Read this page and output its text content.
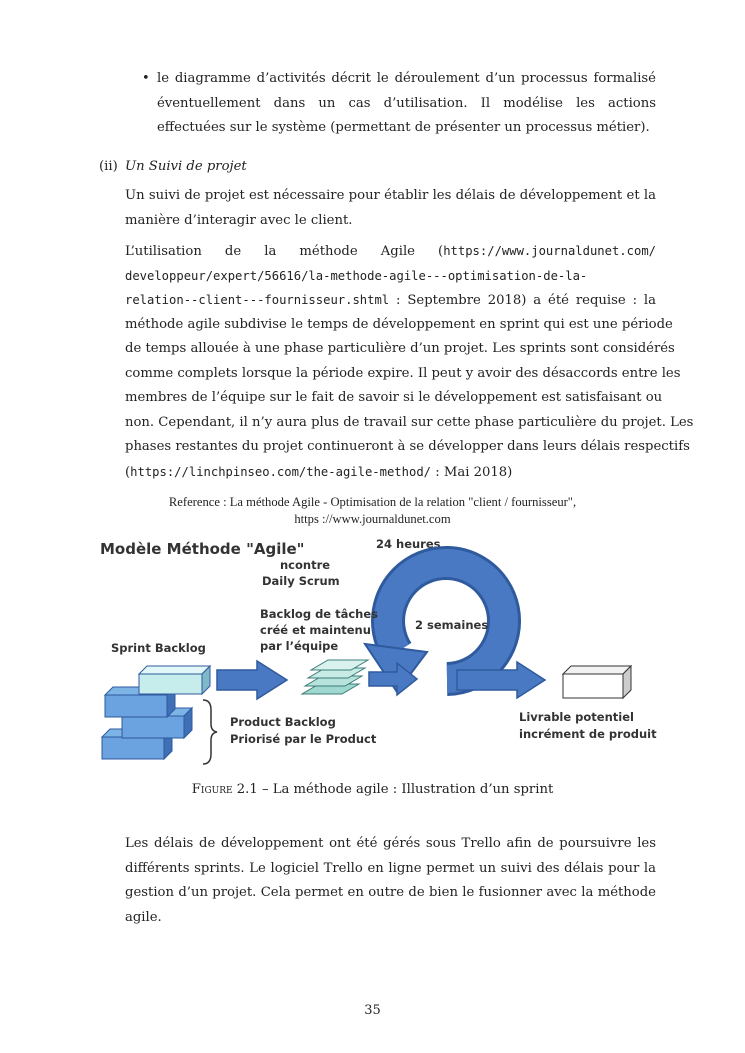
• le diagramme d’activités décrit le déroulement d’un processus formalisé éventuellement dans un cas d’utilisation. Il modélise les actions effectuées sur le système (permettant de présenter un processus métier).
(ii) Un Suivi de projet
Un suivi de projet est nécessaire pour établir les délais de développement et la manière d’interagir avec le client.
L’utilisation de la méthode Agile (https://www.journaldunet.com/
developpeur/expert/56616/la-methode-agile---optimisation-de-la-
relation--client---fournisseur.shtml : Septembre 2018) a été requise : la
méthode agile subdivise le temps de développement en sprint qui est une période
de temps allouée à une phase particulière d’un projet. Les sprints sont considérés
comme complets lorsque la période expire. Il peut y avoir des désaccords entre les
membres de l’équipe sur le fait de savoir si le développement est satisfaisant ou
non. Cependant, il n’y aura plus de travail sur cette phase particulière du projet. Les
phases restantes du projet continueront à se développer dans leurs délais respectifs
(https://linchpinseo.com/the-agile-method/ : Mai 2018)
Reference : La méthode Agile - Optimisation de la relation "client / fournisseur",
https ://www.journaldunet.com
Modèle Méthode "Agile"	24 heures
ncontre
Daily Scrum
2 semaines
Backlog de tâches
créé et maintenu
par l’équipe
Sprint Backlog
Product Backlog
Priorisé par le Product
Livrable potentiel
incrément de produit
Figure 2.1 – La méthode agile : Illustration d’un sprint
Les délais de développement ont été gérés sous Trello afin de poursuivre les différents sprints. Le logiciel Trello en ligne permet un suivi des délais pour la gestion d’un projet. Cela permet en outre de bien le fusionner avec la méthode agile.
35
